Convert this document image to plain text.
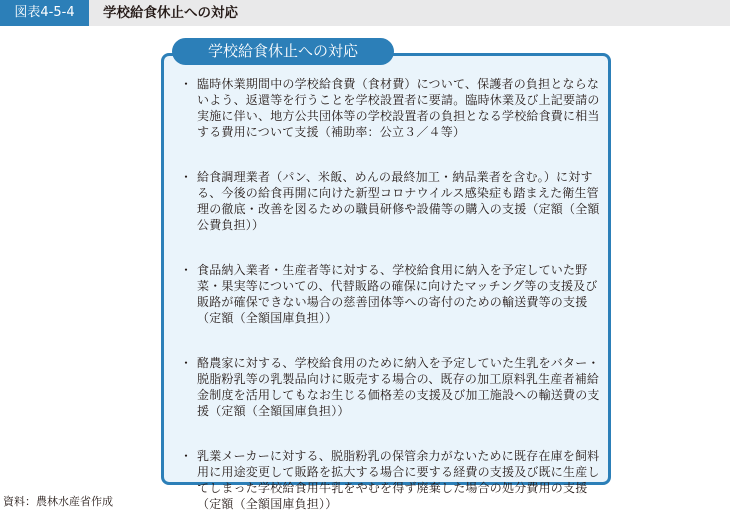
図表4-5-4	学校給食休止への対応
学校給食休止への対応
・ 臨時休業期間中の学校給食費（食材費）について、保護者の負担とならないよう、返還等を行うことを学校設置者に要請。臨時休業及び上記要請の実施に伴い、地方公共団体等の学校設置者の負担となる学校給食費に相当する費用について支援（補助率：公立３／４等）
・ 給食調理業者（パン、米飯、めんの最終加工・納品業者を含む。）に対する、今後の給食再開に向けた新型コロナウイルス感染症も踏まえた衛生管理の徹底・改善を図るための職員研修や設備等の購入の支援（定額（全額公費負担））
・ 食品納入業者・生産者等に対する、学校給食用に納入を予定していた野菜・果実等についての、代替販路の確保に向けたマッチング等の支援及び販路が確保できない場合の慈善団体等への寄付のための輸送費等の支援（定額（全額国庫負担））
・ 酪農家に対する、学校給食用のために納入を予定していた生乳をバター・脱脂粉乳等の乳製品向けに販売する場合の、既存の加工原料乳生産者補給金制度を活用してもなお生じる価格差の支援及び加工施設への輸送費の支援（定額（全額国庫負担））
・ 乳業メーカーに対する、脱脂粉乳の保管余力がないために既存在庫を飼料用に用途変更して販路を拡大する場合に要する経費の支援及び既に生産してしまった学校給食用牛乳をやむを得ず廃棄した場合の処分費用の支援（定額（全額国庫負担））
資料：農林水産省作成
